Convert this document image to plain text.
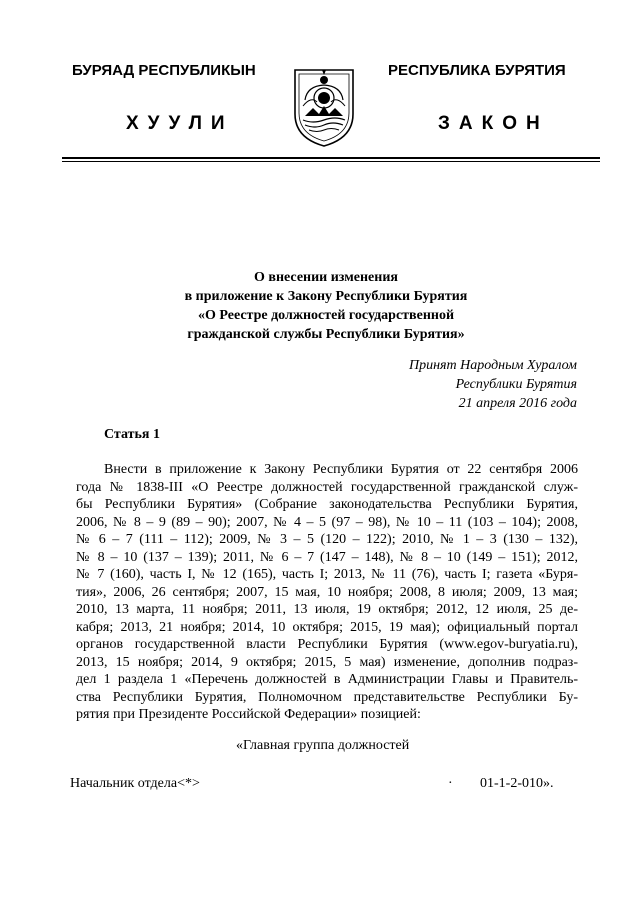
БУРЯАД РЕСПУБЛИКЫН	РЕСПУБЛИКА БУРЯТИЯ
ХУУЛИ	ЗАКОН
О внесении изменения
в приложение к Закону Республики Бурятия
«О Реестре должностей государственной
гражданской службы Республики Бурятия»
Принят Народным Хуралом
Республики Бурятия
21 апреля 2016 года
Статья 1
Внести в приложение к Закону Республики Бурятия от 22 сентября 2006
года № 1838-III «О Реестре должностей государственной гражданской служ-
бы Республики Бурятия» (Собрание законодательства Республики Бурятия,
2006, № 8 – 9 (89 – 90); 2007, № 4 – 5 (97 – 98), № 10 – 11 (103 – 104); 2008,
№ 6 – 7 (111 – 112); 2009, № 3 – 5 (120 – 122); 2010, № 1 – 3 (130 – 132),
№ 8 – 10 (137 – 139); 2011, № 6 – 7 (147 – 148), № 8 – 10 (149 – 151); 2012,
№ 7 (160), часть I, № 12 (165), часть I; 2013, № 11 (76), часть I; газета «Буря-
тия», 2006, 26 сентября; 2007, 15 мая, 10 ноября; 2008, 8 июля; 2009, 13 мая;
2010, 13 марта, 11 ноября; 2011, 13 июля, 19 октября; 2012, 12 июля, 25 де-
кабря; 2013, 21 ноября; 2014, 10 октября; 2015, 19 мая); официальный портал
органов государственной власти Республики Бурятия (www.egov-buryatia.ru),
2013, 15 ноября; 2014, 9 октября; 2015, 5 мая) изменение, дополнив подраз-
дел 1 раздела 1 «Перечень должностей в Администрации Главы и Правитель-
ства Республики Бурятия, Полномочном представительстве Республики Бу-
рятия при Президенте Российской Федерации» позицией:
«Главная группа должностей
Начальник отдела<*>	· 01-1-2-010».
